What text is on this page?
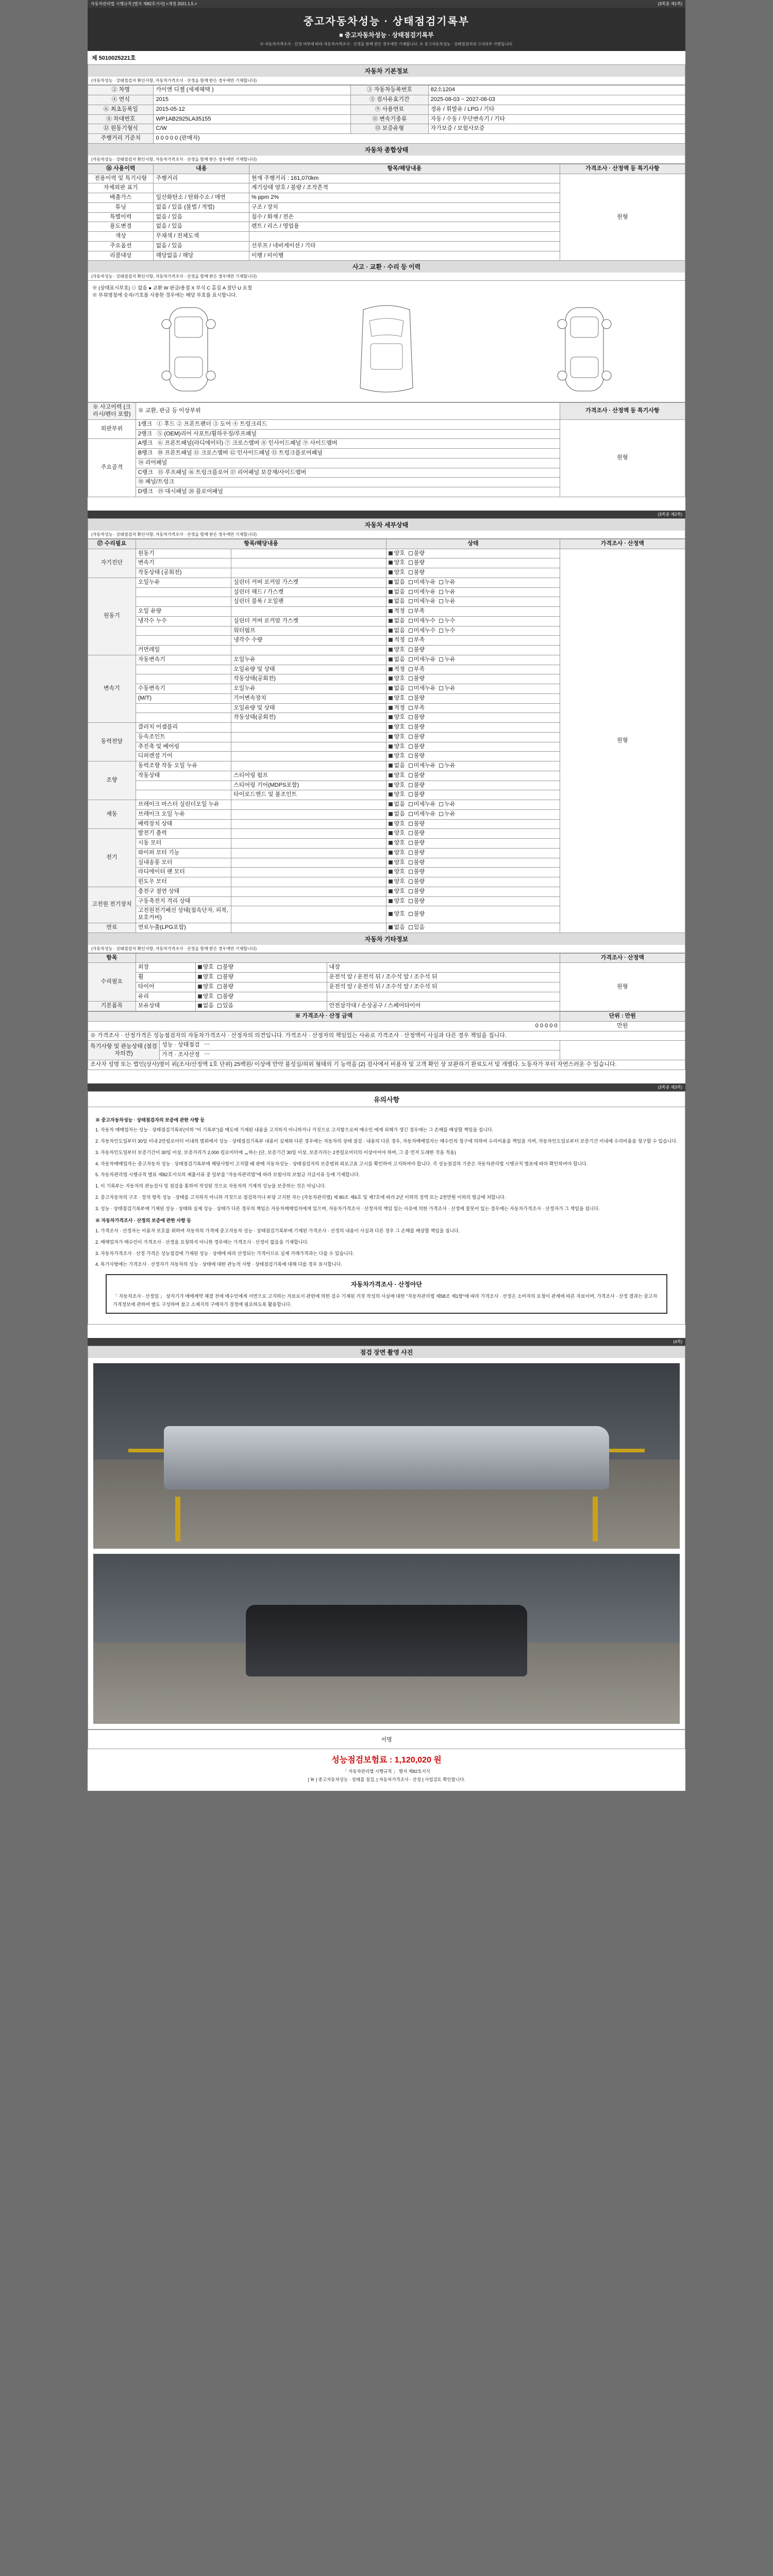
자동차관리법 시행규칙 [별지 제82호서식] <개정 2021.1.5.>	(3쪽중 제1쪽)
중고자동차성능 · 상태점검기록부
■ 중고자동차성능 · 상태점검기록부
※ 자동차가격조사 · 산정 여부에 따라 자동차가격조사 · 산정을 함께 받은 경우에만 기재합니다. ※ 중고자동차성능 · 상태점검자의 고지의무 사항입니다.
제 5010025221호
자동차 기본정보
(자동차성능 · 상태점검자 확인사항, 자동차가격조사 · 산정을 함께 받은 경우에만 기재합니다)
② 차명	카이엔 디젤 (세제혜택 )	③ 자동차등록번호	82소1204
④ 연식	2015	⑤ 검사유효기간	2025-08-03 ~ 2027-08-03
⑥ 최초등록일	2015-05-12	⑨ 사용연료	경유 / 휘발유 / LPG / 기타
⑧ 차대번호	WP1AB2925LA35155	⑪ 변속기종류	자동 / 수동 / 무단변속기 / 기타
⑫ 원동기형식	C/W	⑬ 보증유형	자가보증 / 보험사보증
주행거리 기준치	0 0 0 0 0 (판매자)		
자동차 종합상태
(자동차성능 · 상태점검자 확인사항, 자동차가격조사 · 산정을 함께 받은 경우에만 기재합니다)
⑯ 사용이력	내용	항목/해당내용	가격조사 · 산정액 등 특기사항
전용이력 및 특기사항	주행거리	현재 주행거리 : 161,070km	원형
자체외판 표기		계기상태 양호 / 불량 / 조작흔적	
배출가스	일산화탄소 / 탄화수소 / 매연	% ppm 2%	
튜닝	없음 / 있음 (불법 / 적법)	구조 / 장치	
특별이력	없음 / 있음	침수 / 화재 / 전손	
용도변경	없음 / 있음	렌트 / 리스 / 영업용	
색상	무채색 / 전체도색		
주요옵션	없음 / 있음	선루프 / 네비게이션 / 기타	
리콜대상	해당없음 / 해당	이행 / 미이행	
사고 · 교환 · 수리 등 이력
(자동차성능 · 상태점검자 확인사항, 자동차가격조사 · 산정을 함께 받은 경우에만 기재합니다)
※ (상태표시부호) ⊙ 없음 ● 교환 W 판금/용접 X 부식 C 흠집 A 절단 U 요철
※ 부위명칭에 숫자/기호를 사용한 경우에는 해당 부호를 표시합니다.
※ 사고이력 (크러시/펜더 포함)	※ 교환, 판금 등 이상부위	가격조사 · 산정액 등 특기사항
외판부위	1랭크 ① 후드 ② 프론트펜더 ③ 도어 ④ 트렁크리드	원형
	2랭크 ⑤ (OEM)리어 사포트/휠하우징/루프패널	
주요골격	A랭크 ⑥ 프론트패널(라디에이터) ⑦ 크로스멤버 ⑧ 인사이드패널 ⑨ 사이드멤버	
	B랭크 ⑩ 프론트패널 ⑪ 크로스멤버 ⑫ 인사이드패널 ⑬ 트렁크플로어패널	
	⑭ 리어패널	
	C랭크 ⑮ 루프패널 ⑯ 트렁크플로어 ⑰ 리어패널 보강재/사이드멤버	
	⑱ 패널/트렁크	
	D랭크 ⑲ 대시패널 ⑳ 플로어패널	
(3쪽중 제2쪽)
자동차 세부상태
(자동차성능 · 상태점검자 확인사항, 자동차가격조사 · 산정을 함께 받은 경우에만 기재합니다)
⑰ 수리필요	항목/해당내용		상태	가격조사 · 산정액
자기진단	원동기		양호 불량	원형
	변속기		양호 불량	
	작동상태 (공회전)		양호 불량	
원동기	오일누유	실린더 커버 로커암 가스켓	없음 미세누유 누유	
		실린더 헤드 / 가스켓	없음 미세누유 누유	
		실린더 블록 / 오일팬	없음 미세누유 누유	
	오일 유량		적정 부족	
	냉각수 누수	실린더 커버 로커암 가스켓	없음 미세누수 누수	
		워터펌프	없음 미세누수 누수	
		냉각수 수량	적정 부족	
	커먼레일		양호 불량	
변속기	자동변속기	오일누유	없음 미세누유 누유	
		오일유량 및 상태	적정 부족	
		작동상태(공회전)	양호 불량	
	수동변속기	오일누유	없음 미세누유 누유	
	(M/T)	기어변속장치	양호 불량	
		오일유량 및 상태	적정 부족	
		작동상태(공회전)	양호 불량	
동력전달	클러치 어셈블리		양호 불량	
	등속조인트		양호 불량	
	추진축 및 베어링		양호 불량	
	디퍼렌셜 기어		양호 불량	
조향	동력조향 작동 오일 누유		없음 미세누유 누유	
	작동상태	스티어링 펌프	양호 불량	
		스티어링 기어(MDPS포함)	양호 불량	
		타이로드엔드 및 볼조인트	양호 불량	
제동	브레이크 마스터 실린더오일 누유		없음 미세누유 누유	
	브레이크 오일 누유		없음 미세누유 누유	
	배력장치 상태		양호 불량	
전기	발전기 출력		양호 불량	
	시동 모터		양호 불량	
	와이퍼 모터 기능		양호 불량	
	실내송풍 모터		양호 불량	
	라디에이터 팬 모터		양호 불량	
	윈도우 모터		양호 불량	
고전원 전기장치	충전구 절연 상태		양호 불량	
	구동축전지 격리 상태		양호 불량	
	고전원전기배선 상태(접속단자, 피복, 보호커버)		양호 불량	
연료	연료누출(LPG포함)		없음 있음	
자동차 기타정보
(자동차성능 · 상태점검자 확인사항, 자동차가격조사 · 산정을 함께 받은 경우에만 기재합니다)
항목				가격조사 · 산정액
수리필요	외장	양호 불량	내장	원형
	휠	양호 불량	운전석 앞 / 운전석 뒤 / 조수석 앞 / 조수석 뒤	
	타이어	양호 불량	운전석 앞 / 운전석 뒤 / 조수석 앞 / 조수석 뒤	
	유리	양호 불량		
기본품목	보유상태	없음 있음	안전삼각대 / 손상공구 / 스페어타이어	
※ 가격조사 · 산정 금액		단위 : 만원
0 0 0 0 0		만원
※ 가격조사 · 산정가격은 성능점검자의 자동차가격조사 · 산정자의 의견입니다. 가격조사 · 산정자의 책임있는 사유로 가격조사 · 산정액이 사실과 다른 경우 책임을 집니다.		
특기사항 및 관능상태 (점검자의견)	성능 · 상태점검 ㅡ	
	가격 · 조사산정 ㅡ	
조사자 성명 또는 법인(상사)명이 위(조사/산정액 1호 단위) 25백원/ 이상에 만약 불성실/허위 형태의 기 능력을 (2) 검사에서 비용자 및 고객 확인 상 보완하기 완료도서 및 개별다. 노동자가 부터 자연스러운 수 있습니다.		
(3쪽중 제3쪽)
유의사항
※ 중고자동차성능 · 상태점검자의 보증에 관한 사항 등

1. 자동차 매매업자는 성능 · 상태점검기록부(이하 "이 기록부")를 매도에 기재된 내용을 고지하지 아니하거나 거짓으로 고지함으로써 매수인 에게 피해가 생긴 경우에는 그 손해를 배상할 책임을 집니다.

2. 자동차인도일부터 30일 이내 2만킬로미터 이내의 범위에서 성능 · 상태점검기록부 내용이 실제와 다른 경우에는 자동차의 상태 점검 · 내용의 다른 경우, 자동차매매업자는 매수인의 청구에 의하여 수리비용을 책임을 지며, 자동차인도일로부터 보증기간 이내에 수리비용을 청구할 수 있습니다.

3. 자동차인도일부터 보증기간이 30일 이상, 보증거리가 2,000 킬로미터에 ᆯ하는 (단, 보증기간 30일 이상, 보증거리는 2천킬로미터의 이상이어야 하며, 그 중 먼저 도래한 것을 적용)

4. 자동차매매업자는 중고자동차 성능 · 상태점검기록부에 해당사항이 고지할 때 판매 지동차성능 · 상태점검자의 보증범위 외로고효 고시를 확인하여 고지하여야 합니다. 즉 성능점검의 기준은 자동차관리법 시행규칙 별표에 따라 확인하여야 합니다.

5. 자동차관리법 시행규칙 별표 제82호서식의 제출서류 중 일부를 "자동차관리법"에 따라 보험사의 보험금 지급서류 등에 기재합니다.

1. 이 기록부는 자동차의 관능검사 및 점검을 통하여 작성된 것으로 자동차의 기계적 성능을 보증하는 것은 아닙니다.

2. 중고자동차의 구조 · 장치 항목 성능 · 상태를 고지하지 아니하 거짓으로 점검하거나 부당 고지한 자는 (자동차관리법) 제 80조 제6호 및 제7호에 따라 2년 이하의 징역 또는 2천만원 이하의 벌금에 처합니다.

3. 성능 · 상태점검기록부에 기재된 성능 · 상태와 실제 성능 · 상태가 다른 경우의 책임은 자동차매매업자에게 있으며, 자동차가격조사 · 산정자의 책임 있는 사유에 의한 가격조사 · 산정에 잘못이 있는 경우에는 자동차가격조사 · 산정자가 그 책임을 집니다.

※ 자동차가격조사 · 산정의 보증에 관한 사항 등

1. 가격조사 · 산정자는 이용자 보호를 위하여 자동차의 가격에 중고자동차 성능 · 상태점검기록부에 기재된 가격조사 · 산정의 내용이 사실과 다른 경우 그 손해를 배상할 책임을 집니다.

2. 매매업자가 매수인이 가격조사 · 산정을 요청하지 아니한 경우에는 가격조사 · 산정이 없음을 기재합니다.

3. 자동차가격조사 · 산정 가격은 성능점검에 기재된 성능 · 상태에 따라 산정되는 가격이므로 실제 거래가격과는 다를 수 있습니다.

4. 특기사항에는 가격조사 · 산정자가 자동차의 성능 · 상태에 대한 관능적 사항 · 상태점검기록에 대해 다를 경우 표시합니다.

자동차가격조사 · 산정아단
「 자동차조사 · 산정업 」 상자기가 매매계약 체결 전에 매수인에게 서면으로 고지하는 자료로서 관련에 의한 검수 기재된 거짓 작성의 사실에 대한 "자동차관리법 제58조 제1항"에 따라 가격조사 · 산정은 소비자의 요청이 관계에 따른 자료이며, 가격조사 · 산정 결과는 중고차 가격정보에 관하여 별도 구성하며 참고 소재지의 구매자가 경정에 필요하도록 활용합니다.
(4쪽)
점검 장면 촬영 사진
서명
성능점검보험료 : 1,120,020 원
「 자동차관리법 시행규칙 」 별지 제82호서식
[ ￦ ] 중고자동차성능 · 상태를 점검, [ 자동차가격조사 · 산정 ] 사업검토 확인합니다.
